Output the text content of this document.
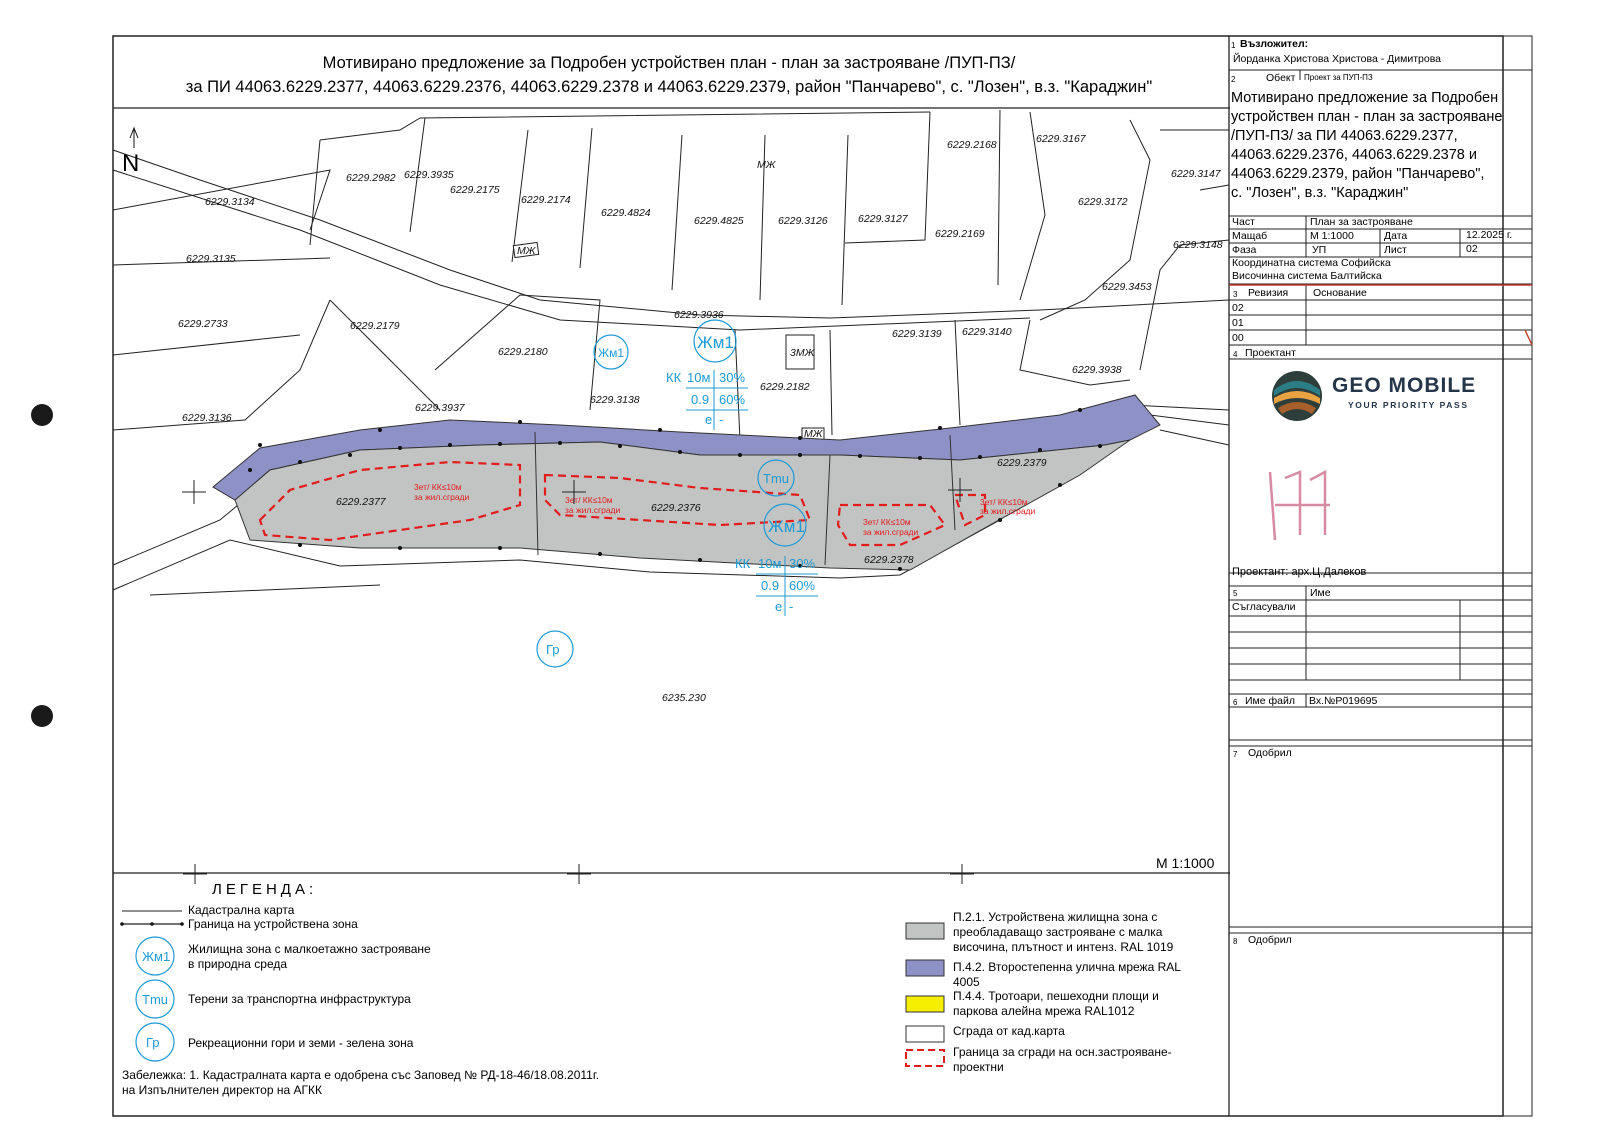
МЖ
3МЖ
МЖ
МЖ
3ет/ КК≤10м
за жил.сгради	3ет/ КК≤10м
за жил.сгради
3ет/ КК≤10м
за жил.сгради
3ет/ КК≤10м
за жил.сгради
N
6229.3134
6229.3135
6229.2733
6229.3136
6229.2982 6229.3935
6229.2175
6229.2174
6229.4824
6229.4825	6229.3126	6229.3127
6229.2168
6229.2169
6229.3167
6229.3172
6229.3147
6229.3148
6229.3453
6229.2179
6229.2180
6229.3936
6229.3138
6229.2182
6229.3139 6229.3140
6229.3938
6229.3937
6229.2377	6229.2376
6229.2378
6229.2379
6235.230
Жм1
Жм1
Тmu
Жм1
Гр
КК 10м 30%
0.9 60%
е -
КК 10м 30%
0.9 60%
е -
Жм1
Тmu
Гр
Мотивирано предложение за Подробен устройствен план - план за застрояване /ПУП-ПЗ/
за ПИ 44063.6229.2377, 44063.6229.2376, 44063.6229.2378 и 44063.6229.2379, район "Панчарево", с. "Лозен", в.з. "Караджин"
М 1:1000
ЛЕГЕНДА:
Кадастрална карта
Граница на устройствена зона
Жилищна зона с малкоетажно застрояване
в природна среда
Терени за транспортна инфраструктура
Рекреационни гори и земи - зелена зона
П.2.1. Устройствена жилищна зона с
преобладаващо застрояване с малка
височина, плътност и интенз. RAL 1019
П.4.2. Второстепенна улична мрежа RAL
4005
П.4.4. Тротоари, пешеходни площи и
паркова алейна мрежа RAL1012
Сграда от кад.карта
Граница за сгради на осн.застрояване-
проектни
Забележка: 1. Кадастралната карта е одобрена със Заповед № РД-18-46/18.08.2011г.
на Изпълнителен директор на АГКК
1 Възложител:
Йорданка Христова Христова - Димитрова
2	Обект Проект за ПУП-ПЗ
Мотивирано предложение за Подробен
устройствен план - план за застрояване
/ПУП-ПЗ/ за ПИ 44063.6229.2377,
44063.6229.2376, 44063.6229.2378 и
44063.6229.2379, район "Панчарево",
с. "Лозен", в.з. "Караджин"
Част	План за застрояване
Мащаб	М 1:1000	Дата	12.2025 г.
Фаза	УП	Лист	02
Координатна система Софийска
Височинна система Балтийска
3 Ревизия Основание
02
01
00
4 Проектант
GEO MOBILE
YOUR PRIORITY PASS
Проектант: арх.Ц.Далеков
5	Име
Съгласували
6 Име файл Вх.№Р019695
7 Одобрил
8 Одобрил
